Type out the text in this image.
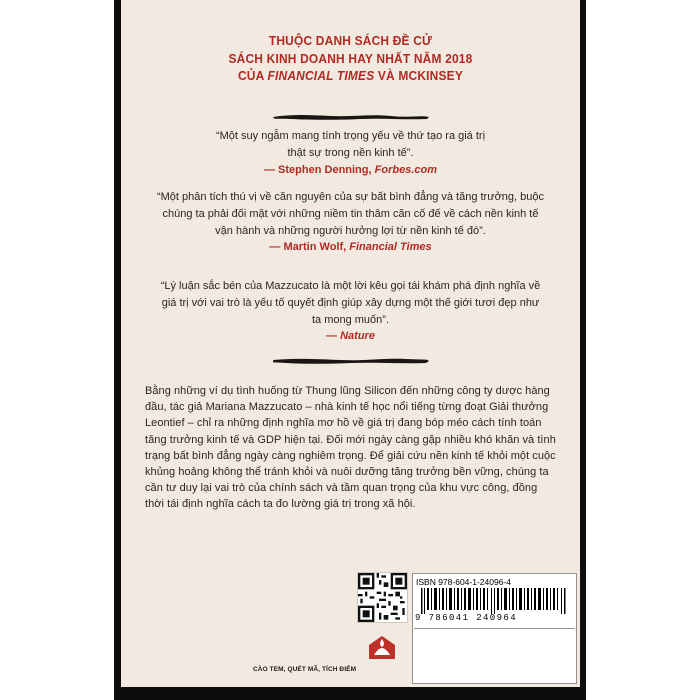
THUỘC DANH SÁCH ĐỀ CỬ
SÁCH KINH DOANH HAY NHẤT NĂM 2018
CỦA FINANCIAL TIMES VÀ MCKINSEY
“Một suy ngẫm mang tính trọng yếu về thứ tạo ra giá trị thật sự trong nền kinh tế”.
— Stephen Denning, Forbes.com
“Một phân tích thú vị về căn nguyên của sự bất bình đẳng và tăng trưởng, buộc chúng ta phải đối mặt với những niềm tin thâm căn cố đế về cách nền kinh tế vận hành và những người hưởng lợi từ nền kinh tế đó”.
— Martin Wolf, Financial Times
“Lý luận sắc bén của Mazzucato là một lời kêu gọi tái khám phá định nghĩa về giá trị với vai trò là yếu tố quyết định giúp xây dựng một thế giới tươi đẹp như ta mong muốn”.
— Nature
Bằng những ví dụ tình huống từ Thung lũng Silicon đến những công ty dược hàng đầu, tác giả Mariana Mazzucato – nhà kinh tế học nổi tiếng từng đoạt Giải thưởng Leontief – chỉ ra những định nghĩa mơ hồ về giá trị đang bóp méo cách tính toán tăng trưởng kinh tế và GDP hiện tại. Đối mới ngày càng gặp nhiều khó khăn và tình trạng bất bình đẳng ngày càng nghiêm trọng. Để giải cứu nền kinh tế khỏi một cuộc khủng hoảng không thể tránh khỏi và nuôi dưỡng tăng trưởng bền vững, chúng ta cần tư duy lại vai trò của chính sách và tầm quan trọng của khu vực công, đồng thời tái định nghĩa cách ta đo lường giá trị trong xã hội.
ISBN 978-604-1-24096-4
9 786041 240964
CÀO TEM, QUÉT MÃ, TÍCH ĐIỂM
